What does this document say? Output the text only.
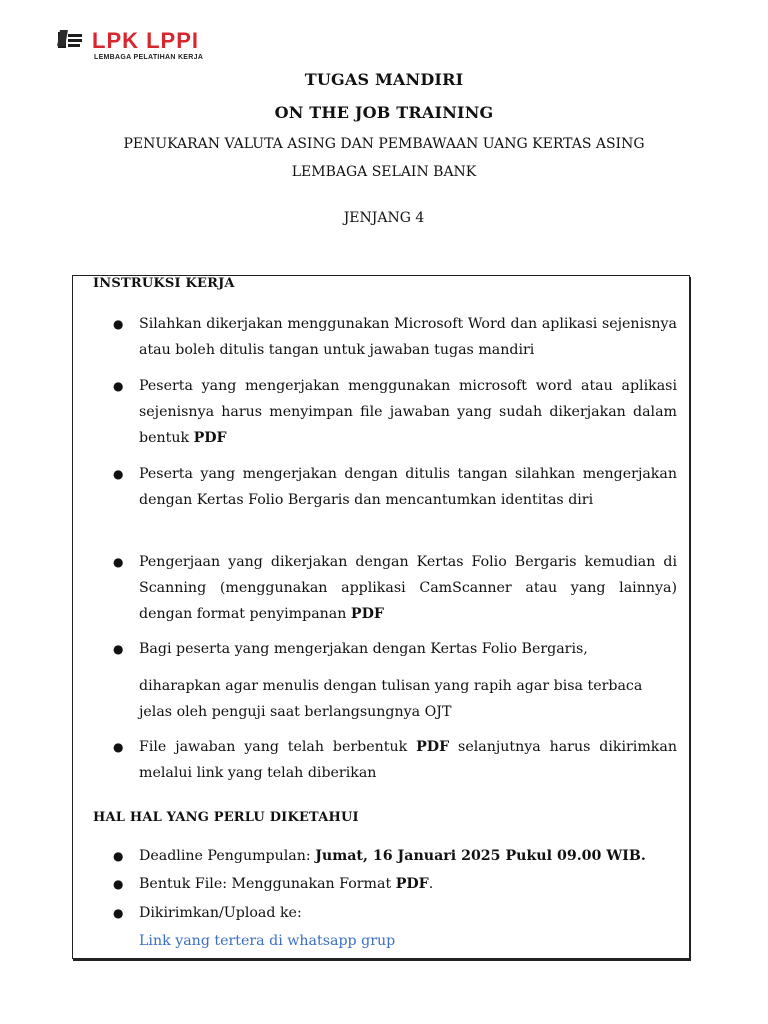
LPK LPPI
LEMBAGA PELATIHAN KERJA
TUGAS MANDIRI
ON THE JOB TRAINING
PENUKARAN VALUTA ASING DAN PEMBAWAAN UANG KERTAS ASING
LEMBAGA SELAIN BANK
JENJANG 4
INSTRUKSI KERJA
● Silahkan dikerjakan menggunakan Microsoft Word dan aplikasi sejenisnya atau boleh ditulis tangan untuk jawaban tugas mandiri
● Peserta yang mengerjakan menggunakan microsoft word atau aplikasi sejenisnya harus menyimpan file jawaban yang sudah dikerjakan dalam bentuk PDF
● Peserta yang mengerjakan dengan ditulis tangan silahkan mengerjakan dengan Kertas Folio Bergaris dan mencantumkan identitas diri
● Pengerjaan yang dikerjakan dengan Kertas Folio Bergaris kemudian di Scanning (menggunakan applikasi CamScanner atau yang lainnya) dengan format penyimpanan PDF
● Bagi peserta yang mengerjakan dengan Kertas Folio Bergaris,
diharapkan agar menulis dengan tulisan yang rapih agar bisa terbaca jelas oleh penguji saat berlangsungnya OJT
● File jawaban yang telah berbentuk PDF selanjutnya harus dikirimkan melalui link yang telah diberikan
HAL HAL YANG PERLU DIKETAHUI
● Deadline Pengumpulan: Jumat, 16 Januari 2025 Pukul 09.00 WIB.
● Bentuk File: Menggunakan Format PDF.
● Dikirimkan/Upload ke:
Link yang tertera di whatsapp grup
